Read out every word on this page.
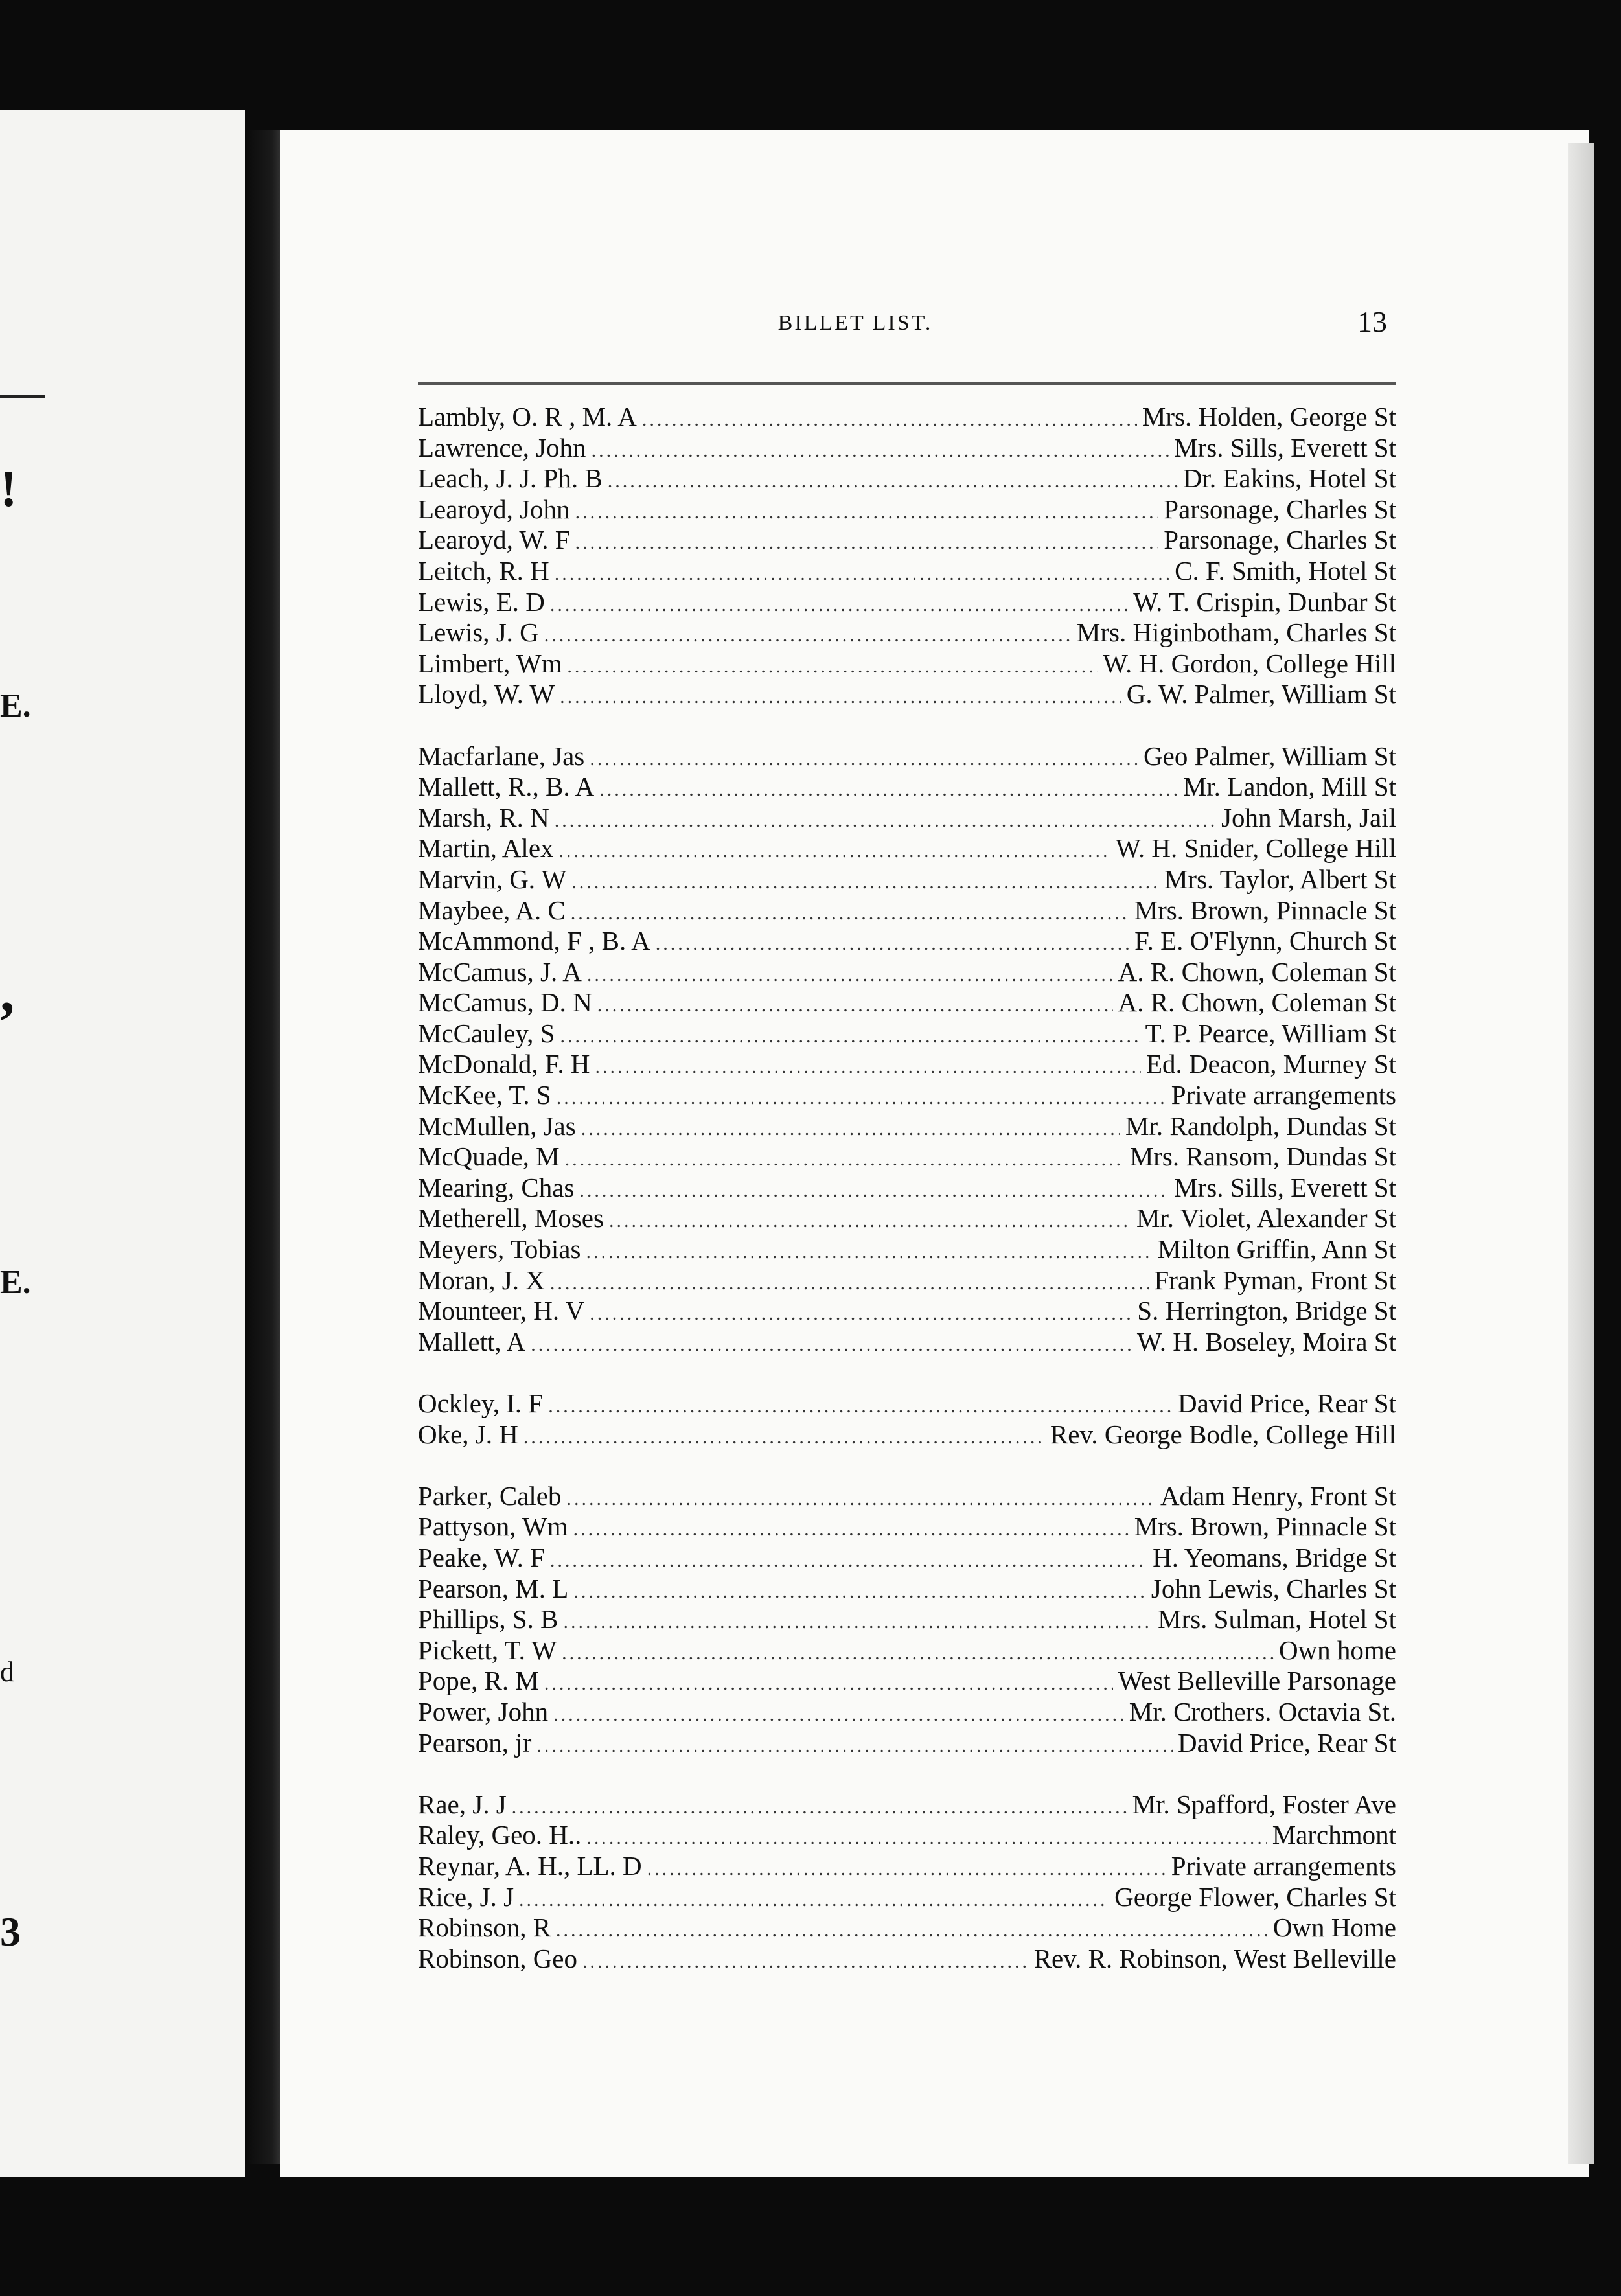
!
E.
,
E.
d
3
BILLET LIST.	13
Lambly, O. R , M. A .....	Mrs. Holden, George St
Lawrence, John .....	Mrs. Sills, Everett St
Leach, J. J. Ph. B .....	Dr. Eakins, Hotel St
Learoyd, John .....	Parsonage, Charles St
Learoyd, W. F .....	Parsonage, Charles St
Leitch, R. H .....	C. F. Smith, Hotel St
Lewis, E. D .....	W. T. Crispin, Dunbar St
Lewis, J. G .....	Mrs. Higinbotham, Charles St
Limbert, Wm .....	W. H. Gordon, College Hill
Lloyd, W. W .....	G. W. Palmer, William St
Macfarlane, Jas .....	Geo Palmer, William St
Mallett, R., B. A .....	Mr. Landon, Mill St
Marsh, R. N .....	John Marsh, Jail
Martin, Alex .....	W. H. Snider, College Hill
Marvin, G. W .....	Mrs. Taylor, Albert St
Maybee, A. C .....	Mrs. Brown, Pinnacle St
McAmmond, F , B. A .....	F. E. O'Flynn, Church St
McCamus, J. A .....	A. R. Chown, Coleman St
McCamus, D. N .....	A. R. Chown, Coleman St
McCauley, S .....	T. P. Pearce, William St
McDonald, F. H .....	Ed. Deacon, Murney St
McKee, T. S .....	Private arrangements
McMullen, Jas .....	Mr. Randolph, Dundas St
McQuade, M .....	Mrs. Ransom, Dundas St
Mearing, Chas .....	Mrs. Sills, Everett St
Metherell, Moses .....	Mr. Violet, Alexander St
Meyers, Tobias .....	Milton Griffin, Ann St
Moran, J. X .....	Frank Pyman, Front St
Mounteer, H. V .....	S. Herrington, Bridge St
Mallett, A .....	W. H. Boseley, Moira St
Ockley, I. F .....	David Price, Rear St
Oke, J. H .....	Rev. George Bodle, College Hill
Parker, Caleb .....	Adam Henry, Front St
Pattyson, Wm .....	Mrs. Brown, Pinnacle St
Peake, W. F .....	H. Yeomans, Bridge St
Pearson, M. L .....	John Lewis, Charles St
Phillips, S. B .....	Mrs. Sulman, Hotel St
Pickett, T. W .....	Own home
Pope, R. M .....	West Belleville Parsonage
Power, John .....	Mr. Crothers. Octavia St.
Pearson, jr .....	David Price, Rear St
Rae, J. J .....	Mr. Spafford, Foster Ave
Raley, Geo. H.. .....	Marchmont
Reynar, A. H., LL. D .....	Private arrangements
Rice, J. J .....	George Flower, Charles St
Robinson, R .....	Own Home
Robinson, Geo .....	Rev. R. Robinson, West Belleville
